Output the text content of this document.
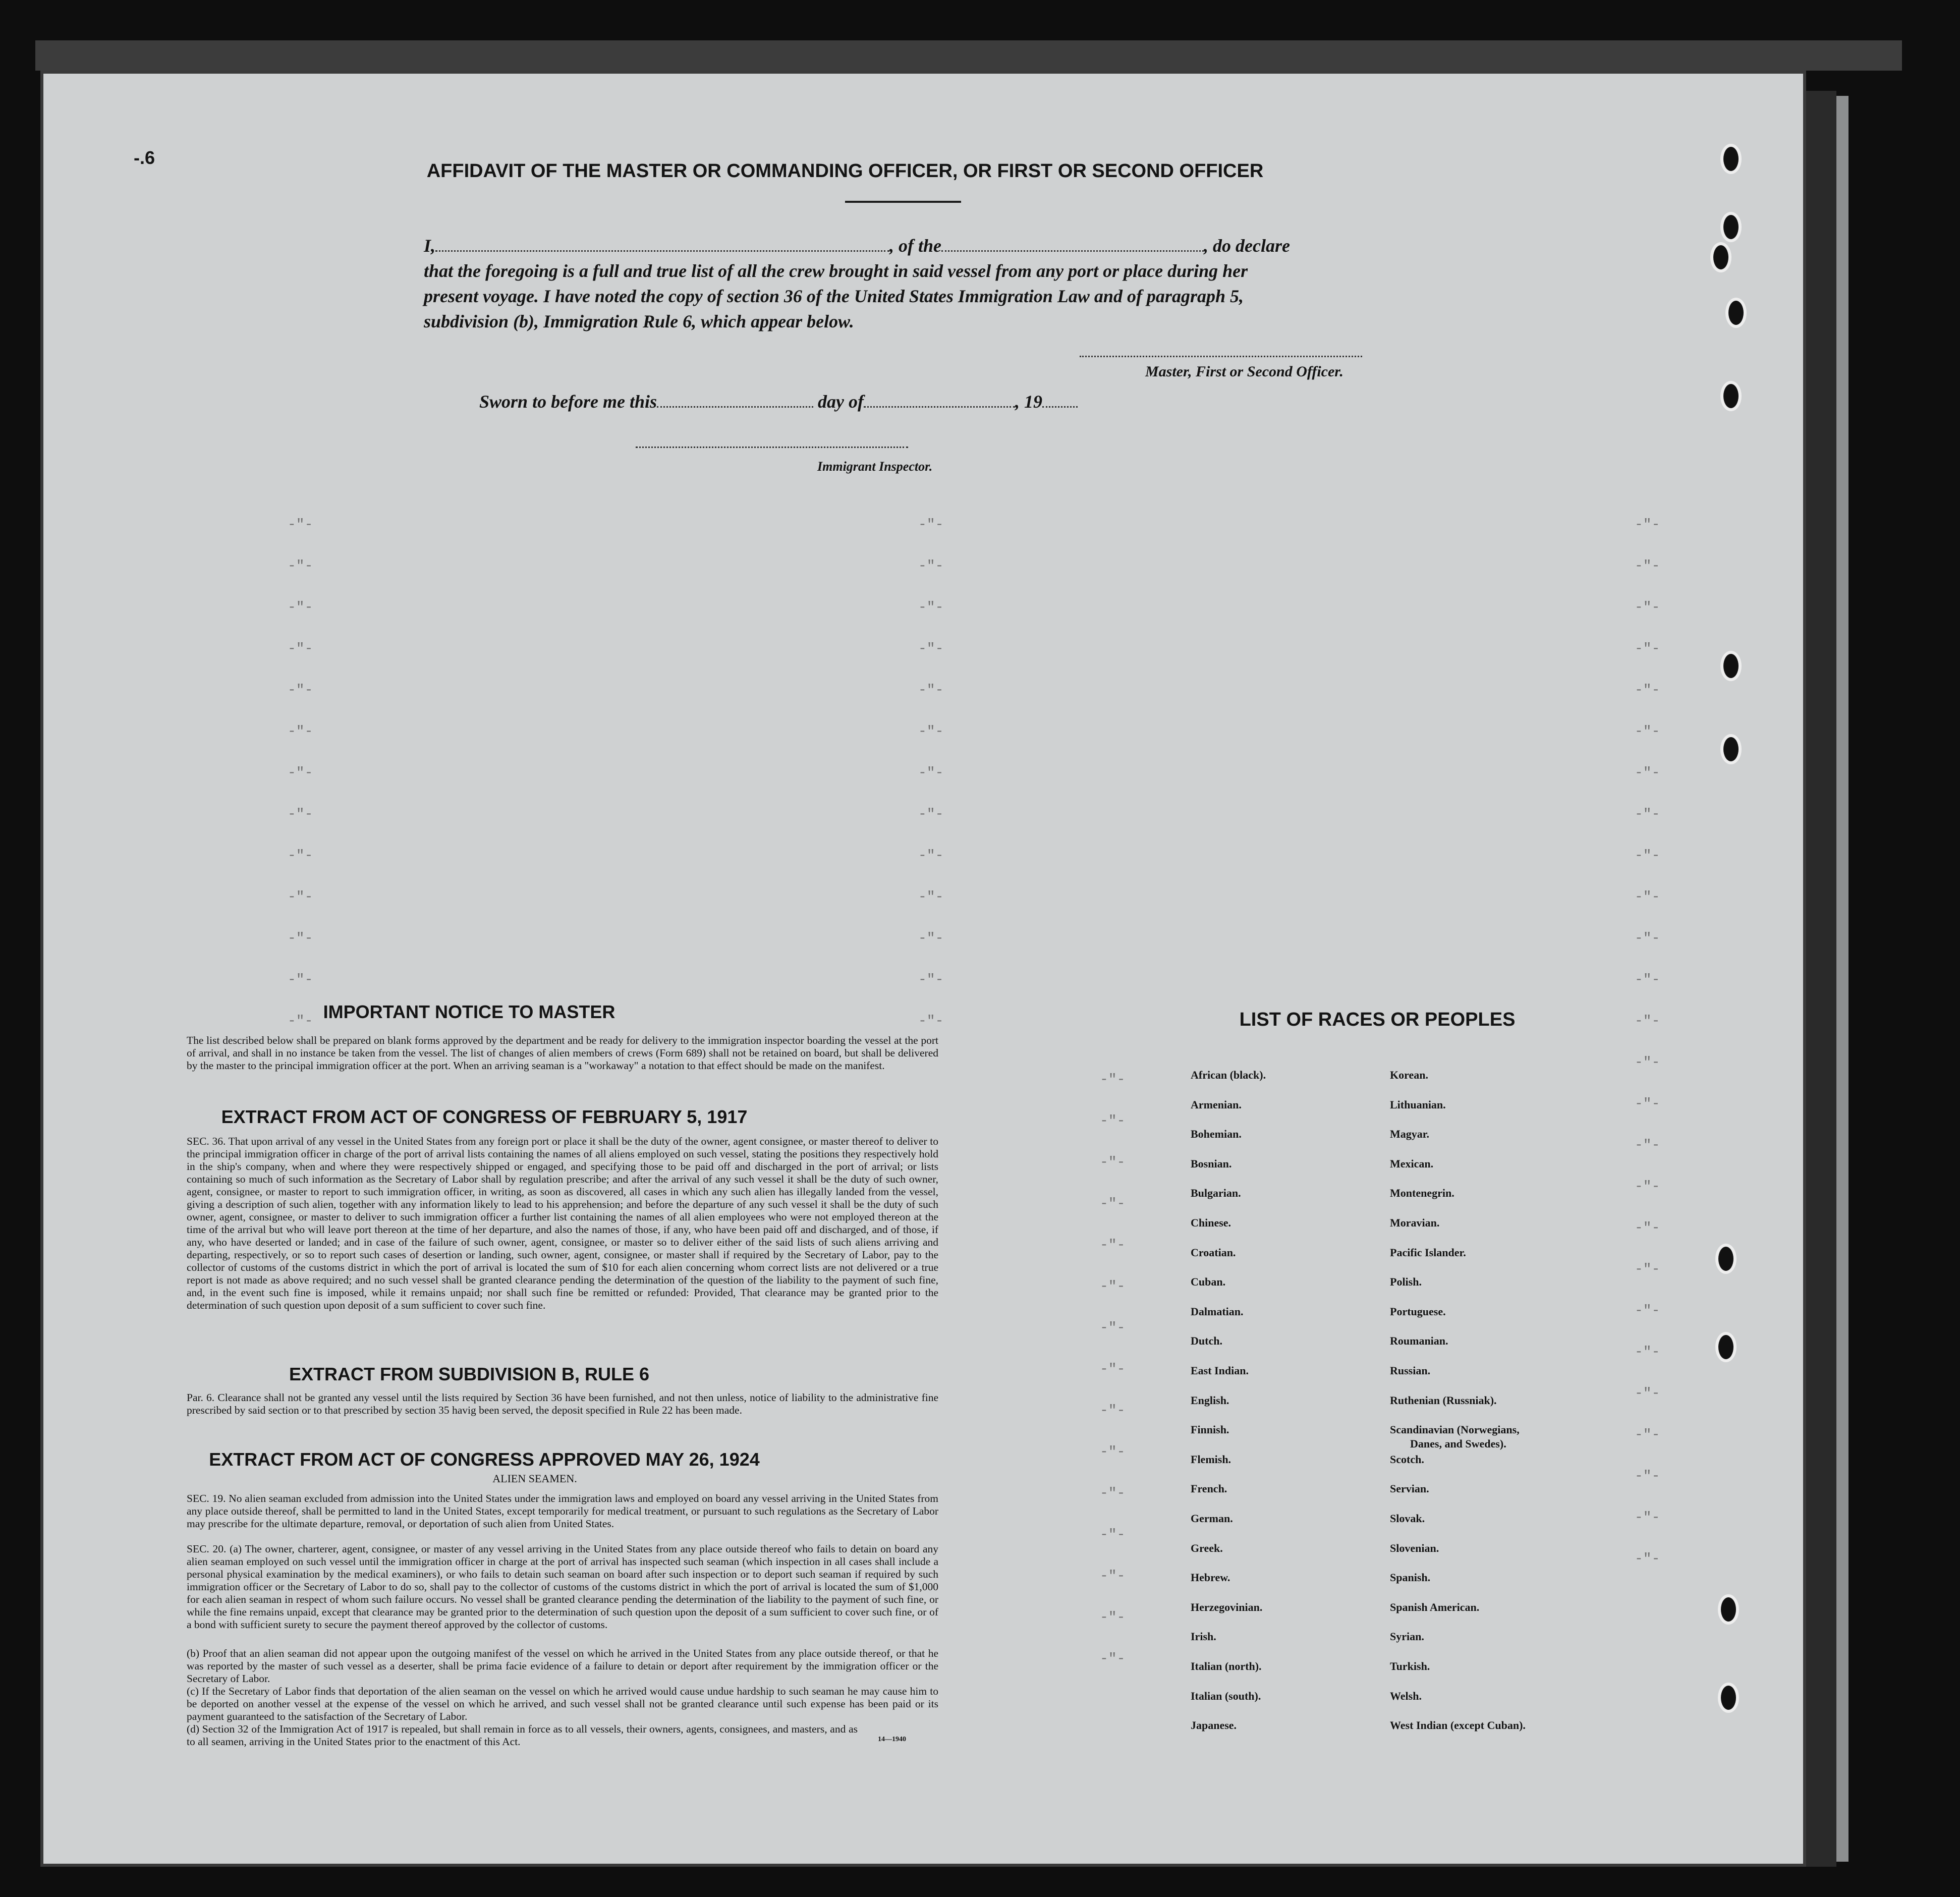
-"-
-"-
-"-
-"-
-"-
-"-
-"-
-"-
-"-
-"-
-"-
-"-
-"-
-"-
-"-
-"-
-"-
-"-
-"-
-"-
-"-
-"-
-"-
-"-
-"-
-"-
-"-
-"-
-"-
-"-
-"-
-"-
-"-
-"-
-"-
-"-
-"-
-"-
-"-
-"-
-"-
-"-
-"-
-"-
-"-
-"-
-"-
-"-
-"-
-"-
-"-
-"-
-"-
-"-
-"-
-"-
-"-
-"-
-"-
-"-
-"-
-"-
-"-
-"-
-"-
-"-
-"-
-.6
AFFIDAVIT OF THE MASTER OR COMMANDING OFFICER, OR FIRST OR SECOND OFFICER
I,	, of the	, do declare
that the foregoing is a full and true list of all the crew brought in said vessel from any port or place during her
present voyage. I have noted the copy of section 36 of the United States Immigration Law and of paragraph 5,
subdivision (b), Immigration Rule 6, which appear below.
Master, First or Second Officer.
Sworn to before me this	day of	, 19
Immigrant Inspector.
IMPORTANT NOTICE TO MASTER
The list described below shall be prepared on blank forms approved by the department and be ready for delivery to the immigration inspector boarding the vessel at the port of arrival, and shall in no instance be taken from the vessel. The list of changes of alien members of crews (Form 689) shall not be retained on board, but shall be delivered by the master to the principal immigration officer at the port. When an arriving seaman is a "workaway" a notation to that effect should be made on the manifest.
EXTRACT FROM ACT OF CONGRESS OF FEBRUARY 5, 1917
SEC. 36. That upon arrival of any vessel in the United States from any foreign port or place it shall be the duty of the owner, agent consignee, or master thereof to deliver to the principal immigration officer in charge of the port of arrival lists containing the names of all aliens employed on such vessel, stating the positions they respectively hold in the ship's company, when and where they were respectively shipped or engaged, and specifying those to be paid off and discharged in the port of arrival; or lists containing so much of such information as the Secretary of Labor shall by regulation prescribe; and after the arrival of any such vessel it shall be the duty of such owner, agent, consignee, or master to report to such immigration officer, in writing, as soon as discovered, all cases in which any such alien has illegally landed from the vessel, giving a description of such alien, together with any information likely to lead to his apprehension; and before the departure of any such vessel it shall be the duty of such owner, agent, consignee, or master to deliver to such immigration officer a further list containing the names of all alien employees who were not employed thereon at the time of the arrival but who will leave port thereon at the time of her departure, and also the names of those, if any, who have been paid off and discharged, and of those, if any, who have deserted or landed; and in case of the failure of such owner, agent, consignee, or master so to deliver either of the said lists of such aliens arriving and departing, respectively, or so to report such cases of desertion or landing, such owner, agent, consignee, or master shall if required by the Secretary of Labor, pay to the collector of customs of the customs district in which the port of arrival is located the sum of $10 for each alien concerning whom correct lists are not delivered or a true report is not made as above required; and no such vessel shall be granted clearance pending the determination of the question of the liability to the payment of such fine, and, in the event such fine is imposed, while it remains unpaid; nor shall such fine be remitted or refunded: Provided, That clearance may be granted prior to the determination of such question upon deposit of a sum sufficient to cover such fine.
EXTRACT FROM SUBDIVISION B, RULE 6
Par. 6. Clearance shall not be granted any vessel until the lists required by Section 36 have been furnished, and not then unless, notice of liability to the administrative fine prescribed by said section or to that prescribed by section 35 havig been served, the deposit specified in Rule 22 has been made.
EXTRACT FROM ACT OF CONGRESS APPROVED MAY 26, 1924
ALIEN SEAMEN.
SEC. 19. No alien seaman excluded from admission into the United States under the immigration laws and employed on board any vessel arriving in the United States from any place outside thereof, shall be permitted to land in the United States, except temporarily for medical treatment, or pursuant to such regulations as the Secretary of Labor may prescribe for the ultimate departure, removal, or deportation of such alien from United States.
SEC. 20. (a) The owner, charterer, agent, consignee, or master of any vessel arriving in the United States from any place outside thereof who fails to detain on board any alien seaman employed on such vessel until the immigration officer in charge at the port of arrival has inspected such seaman (which inspection in all cases shall include a personal physical examination by the medical examiners), or who fails to detain such seaman on board after such inspection or to deport such seaman if required by such immigration officer or the Secretary of Labor to do so, shall pay to the collector of customs of the customs district in which the port of arrival is located the sum of $1,000 for each alien seaman in respect of whom such failure occurs. No vessel shall be granted clearance pending the determination of the liability to the payment of such fine, or while the fine remains unpaid, except that clearance may be granted prior to the determination of such question upon the deposit of a sum sufficient to cover such fine, or of a bond with sufficient surety to secure the payment thereof approved by the collector of customs.
(b) Proof that an alien seaman did not appear upon the outgoing manifest of the vessel on which he arrived in the United States from any place outside thereof, or that he was reported by the master of such vessel as a deserter, shall be prima facie evidence of a failure to detain or deport after requirement by the immigration officer or the Secretary of Labor.
(c) If the Secretary of Labor finds that deportation of the alien seaman on the vessel on which he arrived would cause undue hardship to such seaman he may cause him to be deported on another vessel at the expense of the vessel on which he arrived, and such vessel shall not be granted clearance until such expense has been paid or its payment guaranteed to the satisfaction of the Secretary of Labor.
(d) Section 32 of the Immigration Act of 1917 is repealed, but shall remain in force as to all vessels, their owners, agents, consignees, and masters, and as to all seamen, arriving in the United States prior to the enactment of this Act.	14—1940
LIST OF RACES OR PEOPLES
African (black).
Armenian.
Bohemian.
Bosnian.
Bulgarian.
Chinese.
Croatian.
Cuban.
Dalmatian.
Dutch.
East Indian.
English.
Finnish.
Flemish.
French.
German.
Greek.
Hebrew.
Herzegovinian.
Irish.
Italian (north).
Italian (south).
Japanese.
Korean.
Lithuanian.
Magyar.
Mexican.
Montenegrin.
Moravian.
Pacific Islander.
Polish.
Portuguese.
Roumanian.
Russian.
Ruthenian (Russniak).
Scandinavian (Norwegians,
Scotch.
Servian.
Slovak.
Slovenian.
Spanish.
Spanish American.
Syrian.
Turkish.
Welsh.
West Indian (except Cuban).
Danes, and Swedes).
